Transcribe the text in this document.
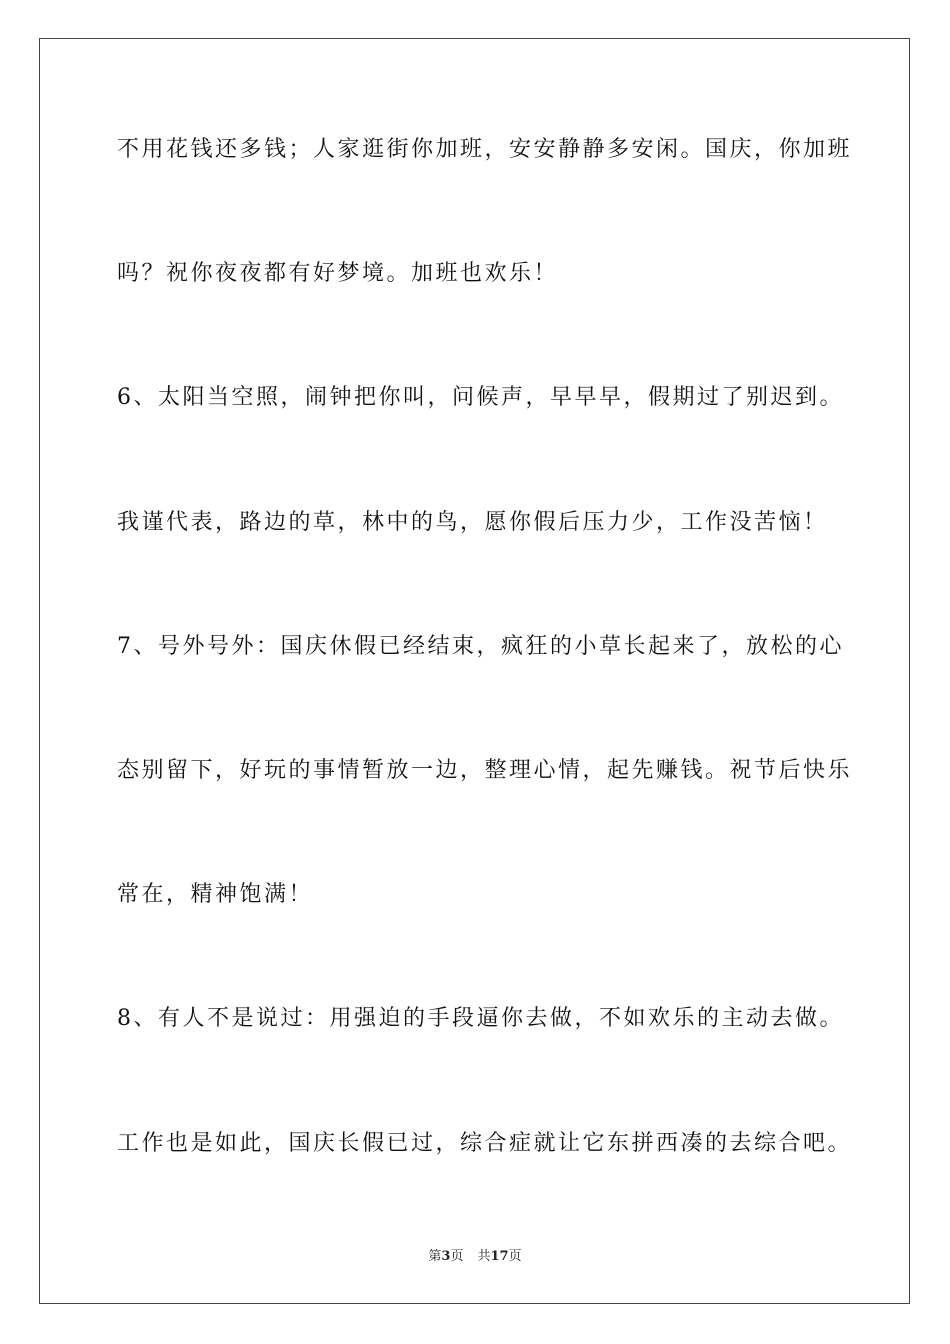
不用花钱还多钱；人家逛街你加班，安安静静多安闲。国庆，你加班
吗？祝你夜夜都有好梦境。加班也欢乐！
6、太阳当空照，闹钟把你叫，问候声，早早早，假期过了别迟到。
我谨代表，路边的草，林中的鸟，愿你假后压力少，工作没苦恼！
7、号外号外：国庆休假已经结束，疯狂的小草长起来了，放松的心
态别留下，好玩的事情暂放一边，整理心情，起先赚钱。祝节后快乐
常在，精神饱满！
8、有人不是说过：用强迫的手段逼你去做，不如欢乐的主动去做。
工作也是如此，国庆长假已过，综合症就让它东拼西凑的去综合吧。
第3页 共17页
